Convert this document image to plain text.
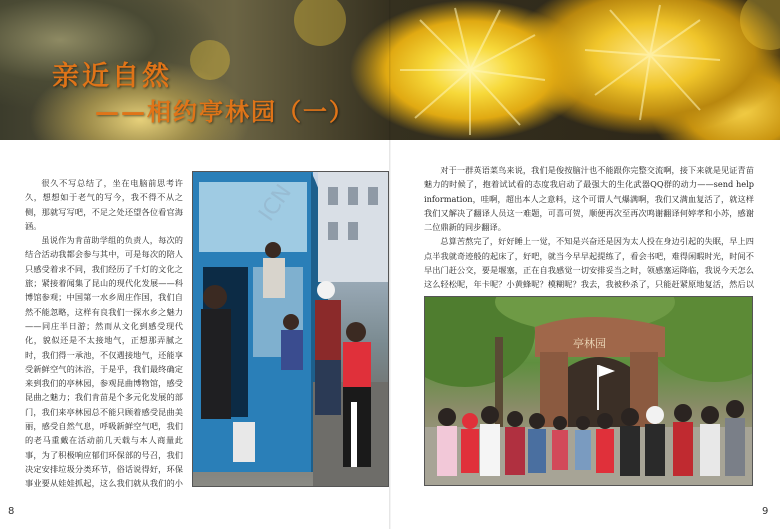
亲近自然
——相约亭林园（一）

很久不写总结了，坐在电脑前思考许久，想想如于老气的写今，我不得不从之侧，那就写写吧，不足之处还望各位看官海涵。

虽说作为肯苗助学组的负责人，每次的结合活动我都会参与其中，可是每次的陪人只感受着求不同，我们经历了千灯的文化之旅；紧接着闻集了昆山的现代化发展——科博馆参观；中国第一水乡周庄作国，我们自然不能忽略，这样有良我们一探水乡之魅力——同庄半日游；然而从文化到感受现代化，貌似还是不太接地气，正想那弄腻之时，我们得一承池，不仅遇接地气，还能享受新鲜空气的沐浴，于是乎，我们最终确定来到我们的亭林园，参观昆曲博物馆，感受昆曲之魅力；我们肯苗是个多元化发展的部门，我们来亭林园总不能只顾着感受昆曲美丽，感受自然气息，呼吸新鲜空气吧，我们的老马重戴在活动前几天载与本人商量此事，为了积极响应郁们环保部的号召，我们决定安排垃圾分类环节，俗话说得好，环保事业要从娃娃抓起，这么我们就从我们的小

ICN

对于一群英语菜鸟来说，我们是俊按脑汁也不能跟你完整交流啊，接下来就是见证青苗魅力的时候了，抱着试试看的态度我启动了最强大的生化武器QQ群的动力——send help information，哇啊，超出本人之意料，这个可谓人气爆满啊，我们又满血复活了，就这样我们又解决了翻译人员这一难题，可喜可贺，顺便再次至再次鸣谢翻译何婷孝和小苏，感谢二位鼎新的同步翻译。

总算苦熬完了，好好睡上一觉，不知是兴奋还是因为太人投在身边引起的失眠，早上四点半我就奇迹般的起床了，好吧，就当今早早起提练了，看会书吧，难得闲暇时光，时间不早出门赶公交，要是堰塞，正在自我感觉一切安排妥当之时，领感塞运降临，我说今天怎么这么轻松呢，年卡呢？小黄蜂呢？模糊呢？我去，我被秒杀了，只能赶紧原地复活，然后以

亭林园

8	9
